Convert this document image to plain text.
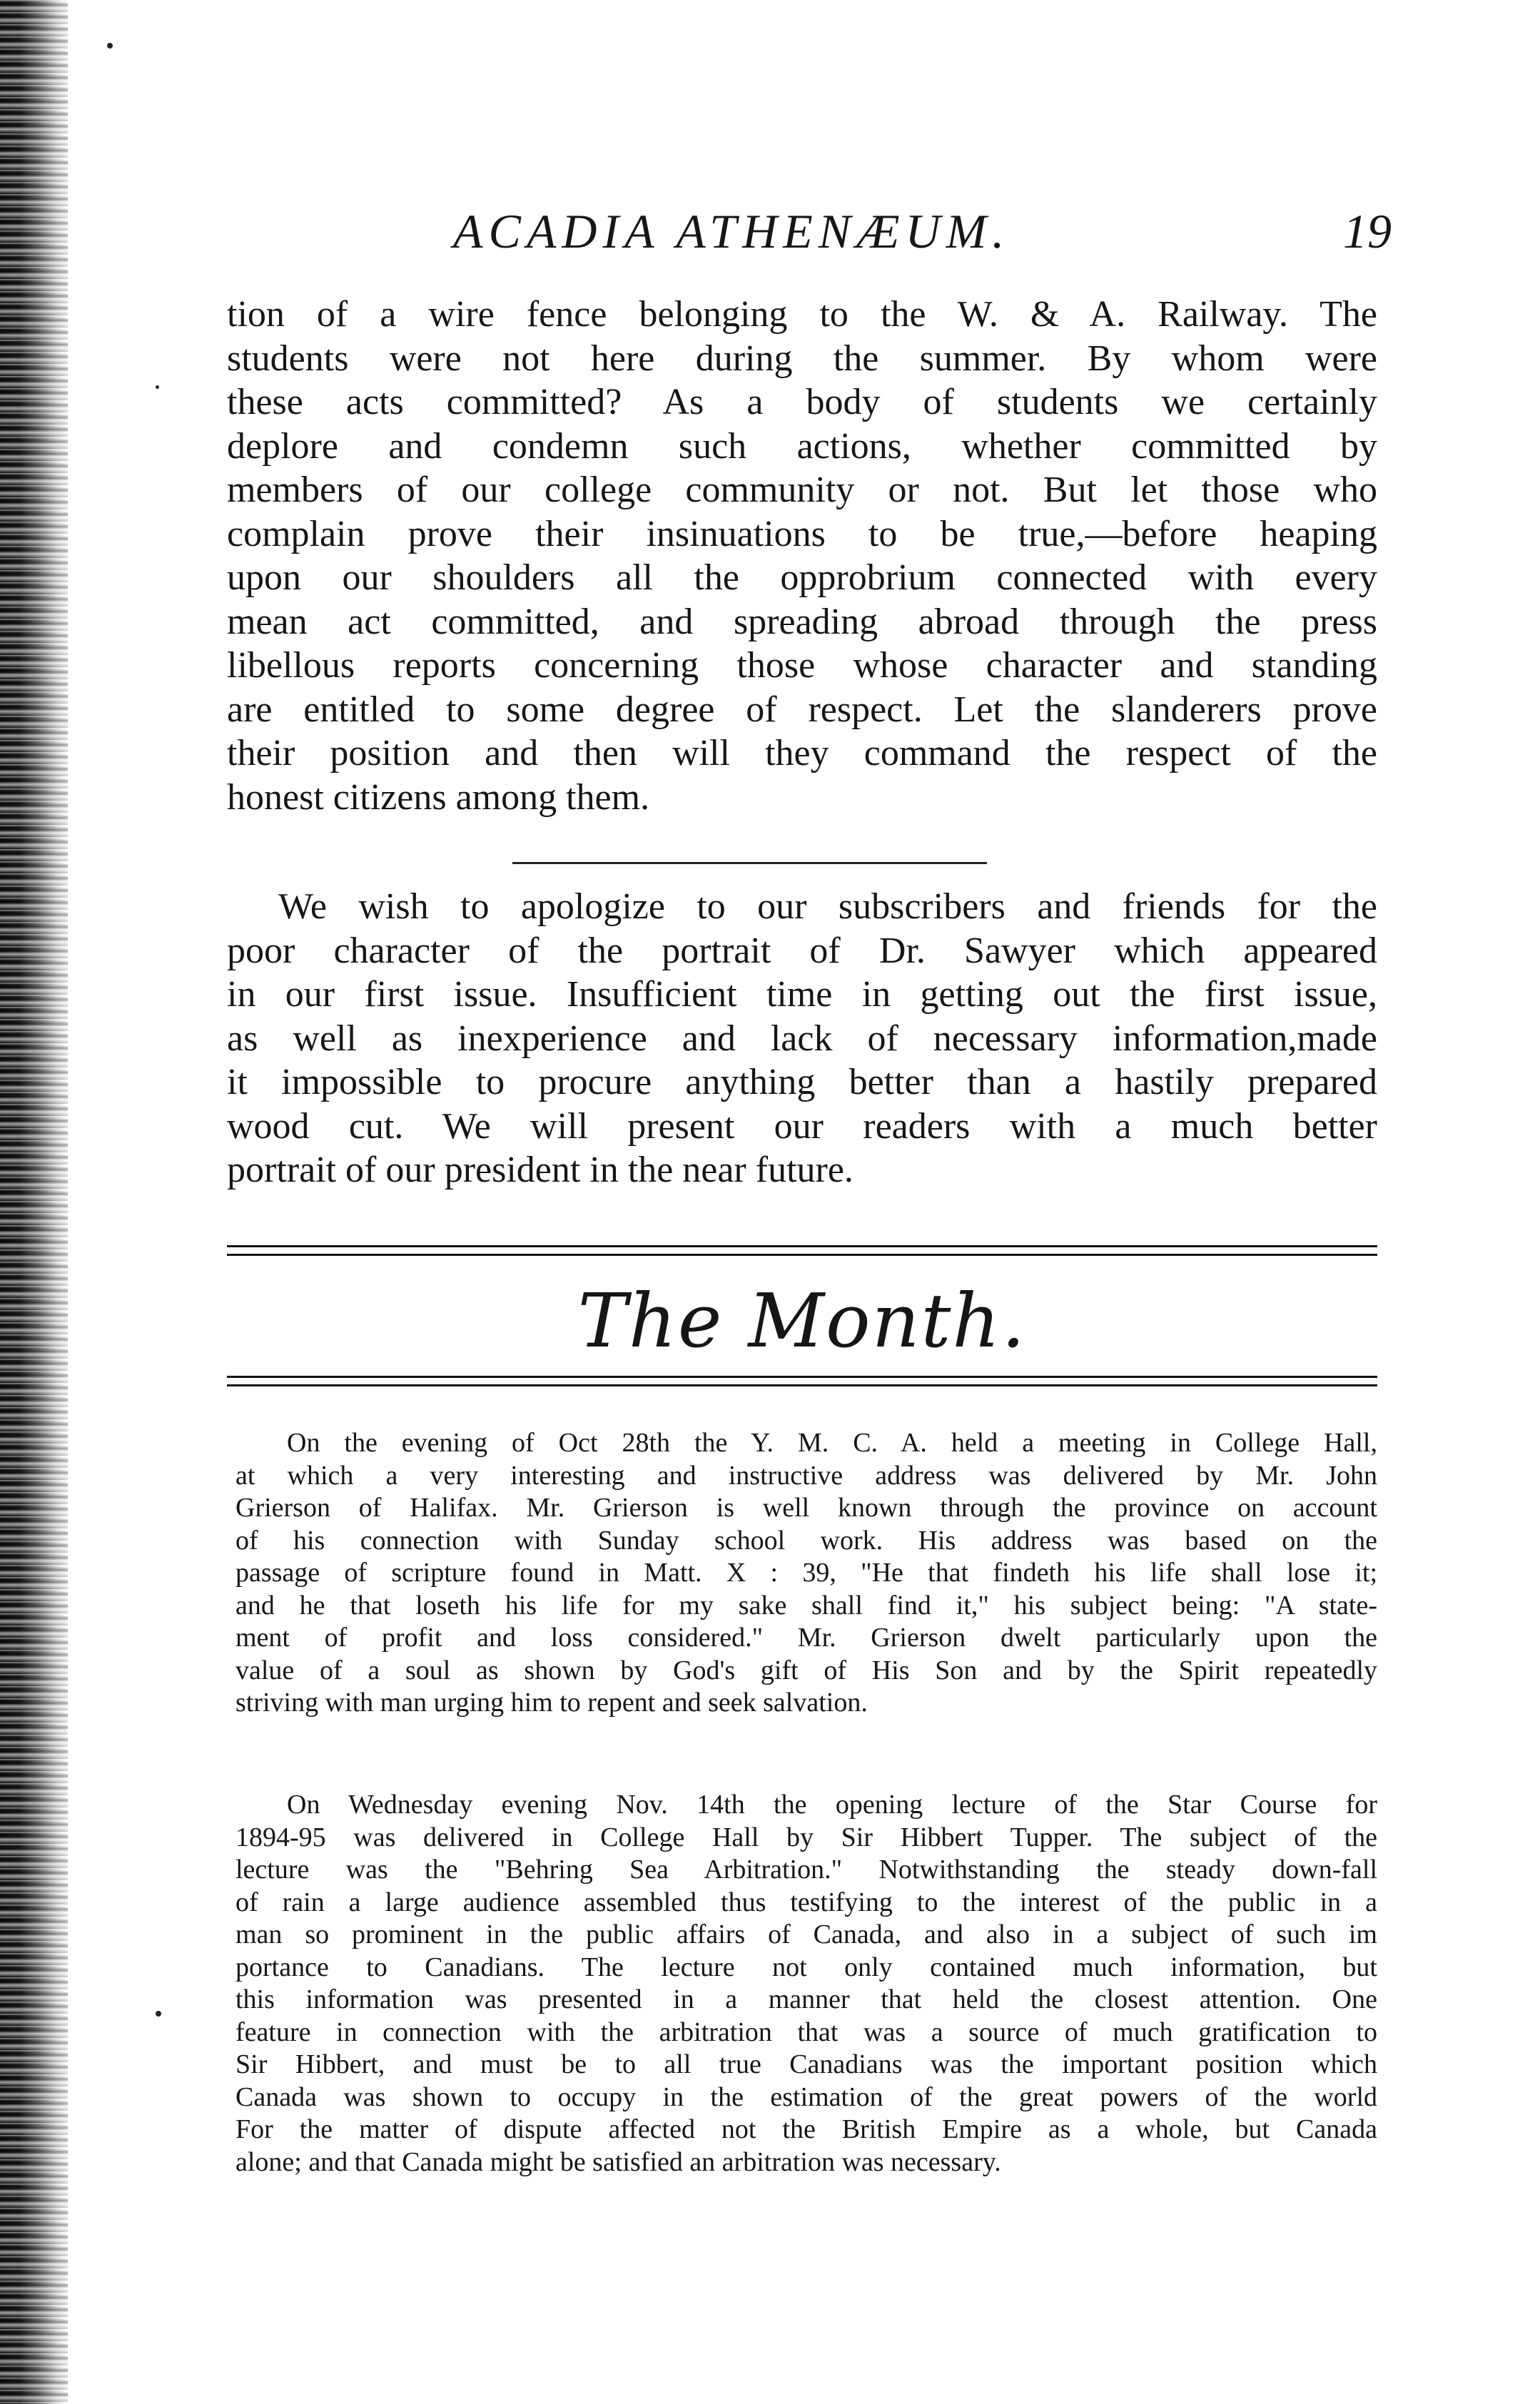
ACADIA ATHENÆUM.	19
tion of a wire fence belonging to the W. & A. Railway. The
students were not here during the summer. By whom were
these acts committed? As a body of students we certainly
deplore and condemn such actions, whether committed by
members of our college community or not. But let those who
complain prove their insinuations to be true,—before heaping
upon our shoulders all the opprobrium connected with every
mean act committed, and spreading abroad through the press
libellous reports concerning those whose character and standing
are entitled to some degree of respect. Let the slanderers prove
their position and then will they command the respect of the
honest citizens among them.
We wish to apologize to our subscribers and friends for the
poor character of the portrait of Dr. Sawyer which appeared
in our first issue. Insufficient time in getting out the first issue,
as well as inexperience and lack of necessary information,made
it impossible to procure anything better than a hastily prepared
wood cut. We will present our readers with a much better
portrait of our president in the near future.
The Month.
On the evening of Oct 28th the Y. M. C. A. held a meeting in College Hall,
at which a very interesting and instructive address was delivered by Mr. John
Grierson of Halifax. Mr. Grierson is well known through the province on account
of his connection with Sunday school work. His address was based on the
passage of scripture found in Matt. X : 39, "He that findeth his life shall lose it;
and he that loseth his life for my sake shall find it," his subject being: "A state-
ment of profit and loss considered." Mr. Grierson dwelt particularly upon the
value of a soul as shown by God's gift of His Son and by the Spirit repeatedly
striving with man urging him to repent and seek salvation.
On Wednesday evening Nov. 14th the opening lecture of the Star Course for
1894-95 was delivered in College Hall by Sir Hibbert Tupper. The subject of the
lecture was the "Behring Sea Arbitration." Notwithstanding the steady down-fall
of rain a large audience assembled thus testifying to the interest of the public in a
man so prominent in the public affairs of Canada, and also in a subject of such im
portance to Canadians. The lecture not only contained much information, but
this information was presented in a manner that held the closest attention. One
feature in connection with the arbitration that was a source of much gratification to
Sir Hibbert, and must be to all true Canadians was the important position which
Canada was shown to occupy in the estimation of the great powers of the world
For the matter of dispute affected not the British Empire as a whole, but Canada
alone; and that Canada might be satisfied an arbitration was necessary.
